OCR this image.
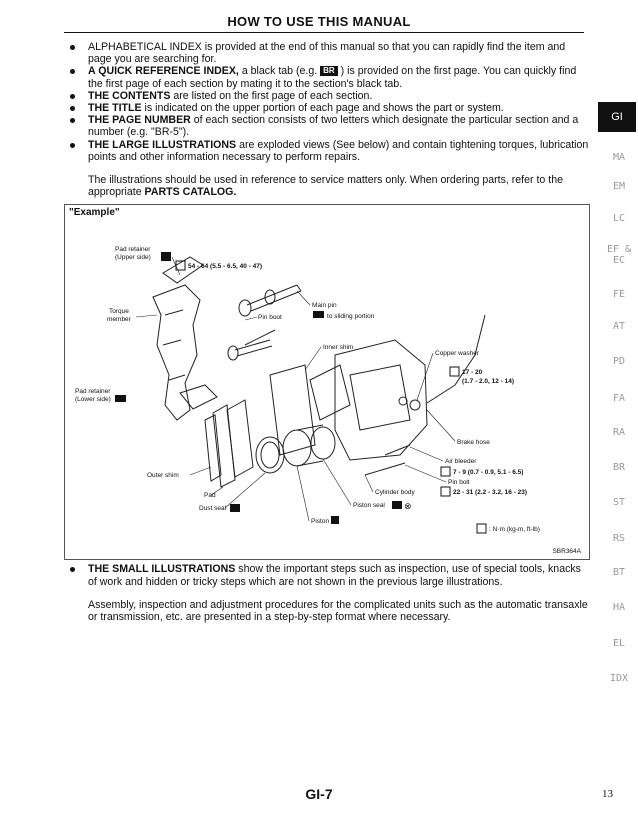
HOW TO USE THIS MANUAL

ALPHABETICAL INDEX is provided at the end of this manual so that you can rapidly find the item and page you are searching for.

A QUICK REFERENCE INDEX, a black tab (e.g. BR ) is provided on the first page. You can quickly find the first page of each section by mating it to the section's black tab.

THE CONTENTS are listed on the first page of each section.

THE TITLE is indicated on the upper portion of each page and shows the part or system.

THE PAGE NUMBER of each section consists of two letters which designate the particular section and a number (e.g. "BR-5").

THE LARGE ILLUSTRATIONS are exploded views (See below) and contain tightening torques, lubrication points and other information necessary to perform repairs.

The illustrations should be used in reference to service matters only. When ordering parts, refer to the appropriate PARTS CATALOG.

"Example"
Pad retainer
(Upper side)
54 - 64 (5.5 - 6.5, 40 - 47)
Torque
member
Main pin
Pin boot	to sliding portion
Inner shim
Copper washer
17 - 20
(1.7 - 2.0, 12 - 14)
Pad retainer
(Lower side)
Brake hose
Air bleeder
7 - 9 (0.7 - 0.9, 5.1 - 6.5)
Pin bolt
22 - 31 (2.2 - 3.2, 16 - 23)
Cylinder body
Outer shim
Pad
Dust seal	Piston seal ⊗
Piston
: N·m (kg-m, ft-lb)
SBR364A

THE SMALL ILLUSTRATIONS show the important steps such as inspection, use of special tools, knacks of work and hidden or tricky steps which are not shown in the previous large illustrations.

Assembly, inspection and adjustment procedures for the complicated units such as the automatic transaxle or transmission, etc. are presented in a step-by-step format where necessary.

GI-7	13
GI
MA
EM
LC
EF &
EC
FE
AT
PD
FA
RA
BR
ST
RS
BT
HA
EL
IDX
